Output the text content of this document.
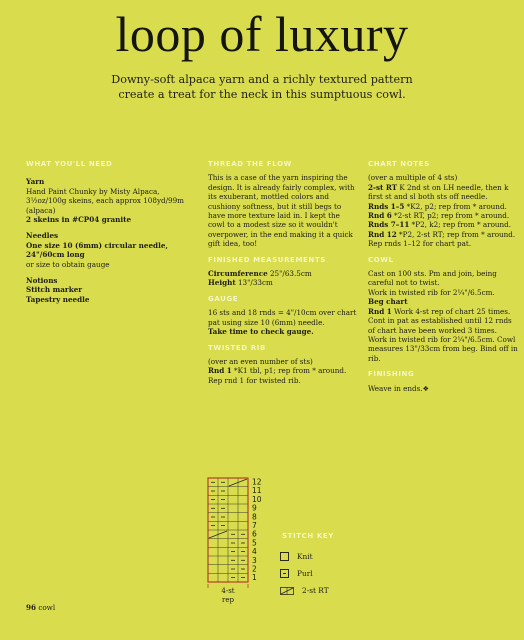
loop of luxury
Downy-soft alpaca yarn and a richly textured pattern
create a treat for the neck in this sumptuous cowl.
WHAT YOU'LL NEED

Yarn

Hand Paint Chunky by Misty Alpaca, 3½oz/100g skeins, each approx 108yd/99m (alpaca)

2 skeins in #CP04 granite

Needles

One size 10 (6mm) circular needle, 24"/60cm long

or size to obtain gauge

Notions

Stitch marker

Tapestry needle

THREAD THE FLOW

This is a case of the yarn inspiring the design. It is already fairly complex, with its exuberant, mottled colors and cushiony softness, but it still begs to have more texture laid in. I kept the cowl to a modest size so it wouldn't overpower, in the end making it a quick gift idea, too!

FINISHED MEASUREMENTS

Circumference 25"/63.5cm

Height 13"/33cm

GAUGE

16 sts and 18 rnds = 4"/10cm over chart pat using size 10 (6mm) needle.

Take time to check gauge.

TWISTED RIB

(over an even number of sts)

Rnd 1 *K1 tbl, p1; rep from * around.

Rep rnd 1 for twisted rib.

CHART NOTES

(over a multiple of 4 sts)

2-st RT K 2nd st on LH needle, then k first st and sl both sts off needle.

Rnds 1–5 *K2, p2; rep from * around.

Rnd 6 *2-st RT, p2; rep from * around.

Rnds 7–11 *P2, k2; rep from * around.

Rnd 12 *P2, 2-st RT; rep from * around.

Rep rnds 1–12 for chart pat.

COWL

Cast on 100 sts. Pm and join, being careful not to twist.

Work in twisted rib for 2¼"/6.5cm.

Beg chart

Rnd 1 Work 4-st rep of chart 25 times. Cont in pat as established until 12 rnds of chart have been worked 3 times. Work in twisted rib for 2¼"/6.5cm. Cowl measures 13"/33cm from beg. Bind off in rib.

FINISHING

Weave in ends.❖

12
11
10
9
8
7
6
5
4
3
2
1
4-st
rep
STITCH KEY
Knit
Purl
2-st RT
96 cowl
